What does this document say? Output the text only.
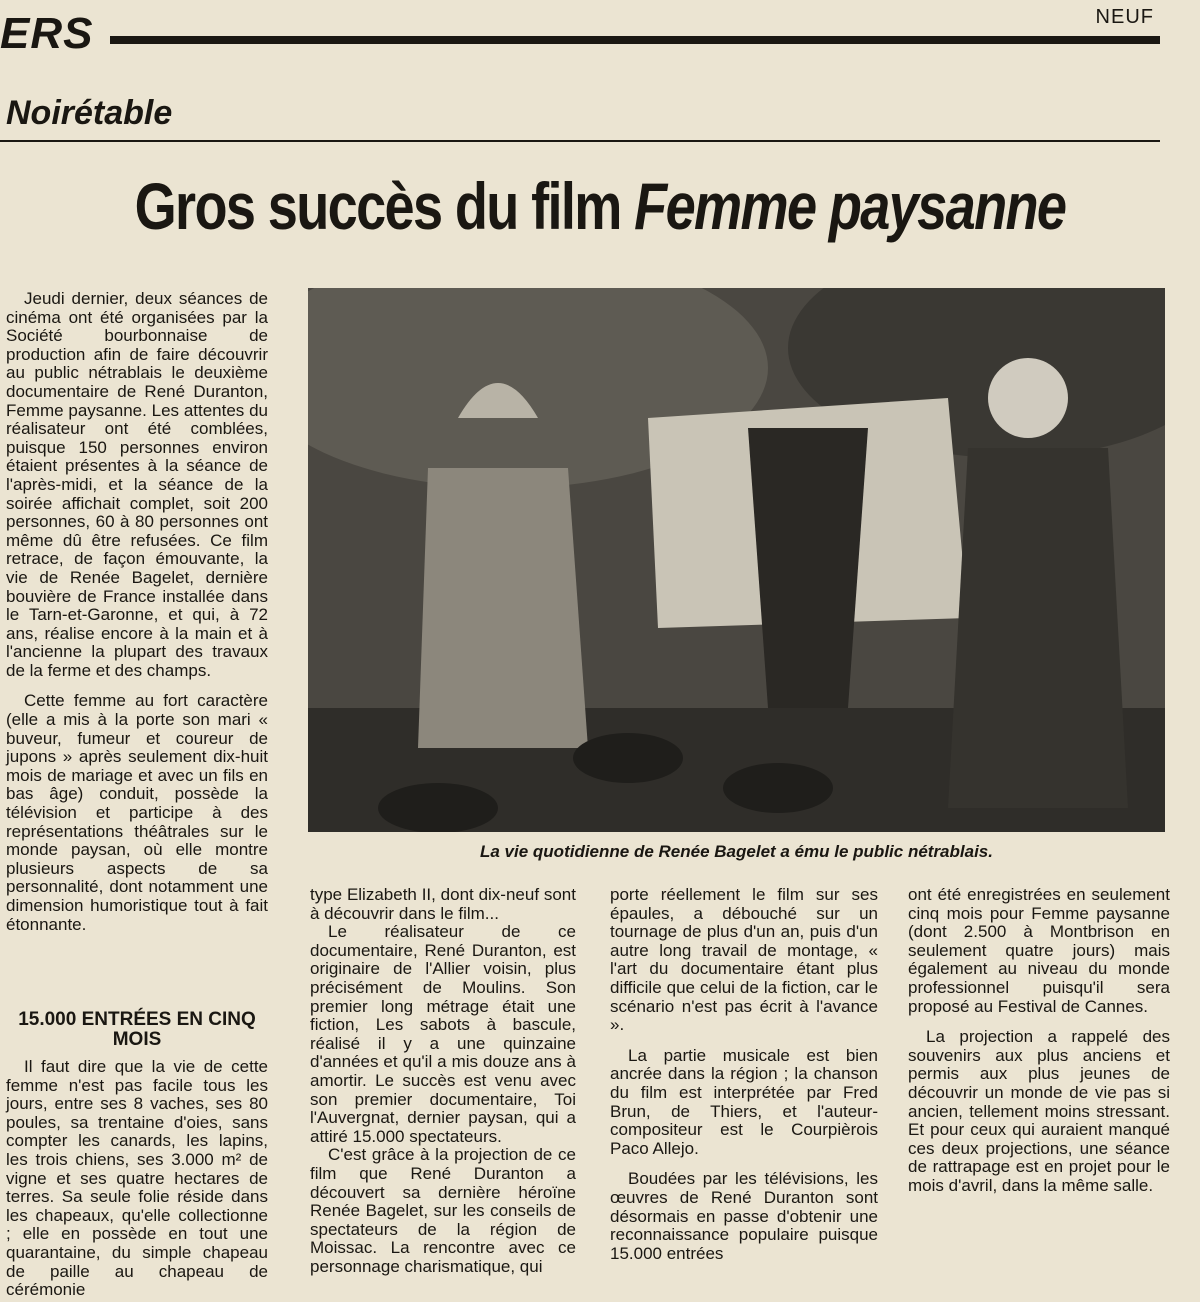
ERS	NEUF
Noirétable
Gros succès du film Femme paysanne

Jeudi dernier, deux séances de cinéma ont été organisées par la Société bourbonnaise de production afin de faire découvrir au public nétrablais le deuxième documentaire de René Duranton, Femme paysanne. Les attentes du réalisateur ont été comblées, puisque 150 personnes environ étaient présentes à la séance de l'après-midi, et la séance de la soirée affichait complet, soit 200 personnes, 60 à 80 personnes ont même dû être refusées. Ce film retrace, de façon émouvante, la vie de Renée Bagelet, dernière bouvière de France installée dans le Tarn-et-Garonne, et qui, à 72 ans, réalise encore à la main et à l'ancienne la plupart des travaux de la ferme et des champs.

Cette femme au fort caractère (elle a mis à la porte son mari « buveur, fumeur et coureur de jupons » après seulement dix-huit mois de mariage et avec un fils en bas âge) conduit, possède la télévision et participe à des représentations théâtrales sur le monde paysan, où elle montre plusieurs aspects de sa personnalité, dont notamment une dimension humoristique tout à fait étonnante.

15.000 ENTRÉES EN CINQ MOIS

Il faut dire que la vie de cette femme n'est pas facile tous les jours, entre ses 8 vaches, ses 80 poules, sa trentaine d'oies, sans compter les canards, les lapins, les trois chiens, ses 3.000 m² de vigne et ses quatre hectares de terres. Sa seule folie réside dans les chapeaux, qu'elle collectionne ; elle en possède en tout une quarantaine, du simple chapeau de paille au chapeau de cérémonie

La vie quotidienne de Renée Bagelet a ému le public nétrablais.

type Elizabeth II, dont dix-neuf sont à découvrir dans le film...

Le réalisateur de ce documentaire, René Duranton, est originaire de l'Allier voisin, plus précisément de Moulins. Son premier long métrage était une fiction, Les sabots à bascule, réalisé il y a une quinzaine d'années et qu'il a mis douze ans à amortir. Le succès est venu avec son premier documentaire, Toi l'Auvergnat, dernier paysan, qui a attiré 15.000 spectateurs.

C'est grâce à la projection de ce film que René Duranton a découvert sa dernière héroïne Renée Bagelet, sur les conseils de spectateurs de la région de Moissac. La rencontre avec ce personnage charismatique, qui

porte réellement le film sur ses épaules, a débouché sur un tournage de plus d'un an, puis d'un autre long travail de montage, « l'art du documentaire étant plus difficile que celui de la fiction, car le scénario n'est pas écrit à l'avance ».

La partie musicale est bien ancrée dans la région ; la chanson du film est interprétée par Fred Brun, de Thiers, et l'auteur-compositeur est le Courpièrois Paco Allejo.

Boudées par les télévisions, les œuvres de René Duranton sont désormais en passe d'obtenir une reconnaissance populaire puisque 15.000 entrées

ont été enregistrées en seulement cinq mois pour Femme paysanne (dont 2.500 à Montbrison en seulement quatre jours) mais également au niveau du monde professionnel puisqu'il sera proposé au Festival de Cannes.

La projection a rappelé des souvenirs aux plus anciens et permis aux plus jeunes de découvrir un monde de vie pas si ancien, tellement moins stressant. Et pour ceux qui auraient manqué ces deux projections, une séance de rattrapage est en projet pour le mois d'avril, dans la même salle.
